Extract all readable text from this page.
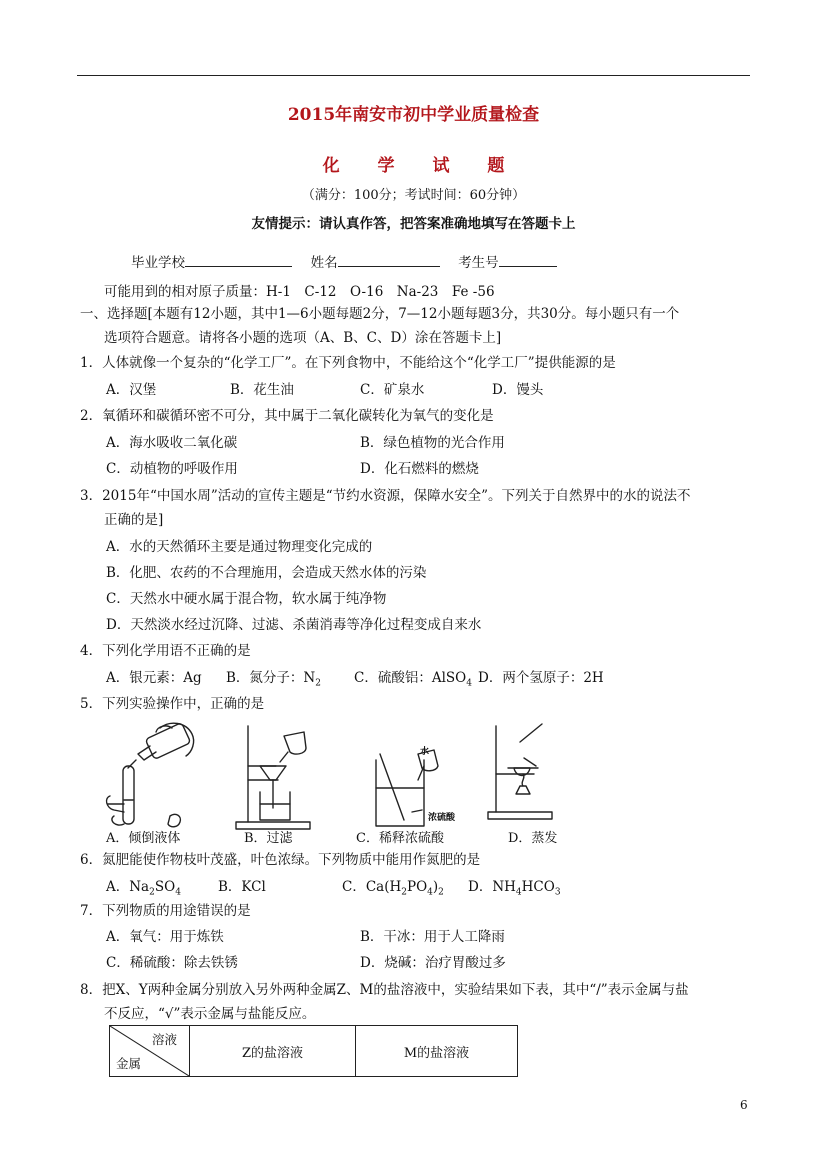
2015年南安市初中学业质量检查
化 学 试 题
（满分：100分；考试时间：60分钟）
友情提示：请认真作答，把答案准确地填写在答题卡上
毕业学校	姓名	考生号
可能用到的相对原子质量：H-1　C-12　O-16　Na-23　Fe -56
一、选择题[本题有12小题，其中1—6小题每题2分，7—12小题每题3分，共30分。每小题只有一个
选项符合题意。请将各小题的选项（A、B、C、D）涂在答题卡上]
1．人体就像一个复杂的“化学工厂”。在下列食物中，不能给这个“化学工厂”提供能源的是
A．汉堡	B．花生油	C．矿泉水	D．馒头
2．氧循环和碳循环密不可分，其中属于二氧化碳转化为氧气的变化是
A．海水吸收二氧化碳	B．绿色植物的光合作用
C．动植物的呼吸作用	D．化石燃料的燃烧
3．2015年“中国水周”活动的宣传主题是“节约水资源，保障水安全”。下列关于自然界中的水的说法不
正确的是]
A．水的天然循环主要是通过物理变化完成的
B．化肥、农药的不合理施用，会造成天然水体的污染
C．天然水中硬水属于混合物，软水属于纯净物
D．天然淡水经过沉降、过滤、杀菌消毒等净化过程变成自来水
4．下列化学用语不正确的是
A．银元素：Ag B．氮分子：$N_2$ C．硫酸铝：AlSO$_4$ D．两个氢原子：2H
5．下列实验操作中，正确的是
A．倾倒液体	B．过滤
水
浓硫酸
C．稀释浓硫酸	D．蒸发
6．氮肥能使作物枝叶茂盛，叶色浓绿。下列物质中能用作氮肥的是
A．$Na_2SO_4$	B．KCl	C．$Ca(H_2PO_4)_2$ D．$NH_4HCO_3$
7．下列物质的用途错误的是
A．氧气：用于炼铁	B．干冰：用于人工降雨
C．稀硫酸：除去铁锈	D．烧碱：治疗胃酸过多
8．把X、Y两种金属分别放入另外两种金属Z、M的盐溶液中，实验结果如下表，其中“/”表示金属与盐
不反应，“√”表示金属与盐能反应。
溶液
金属
	Z的盐溶液	M的盐溶液
6
